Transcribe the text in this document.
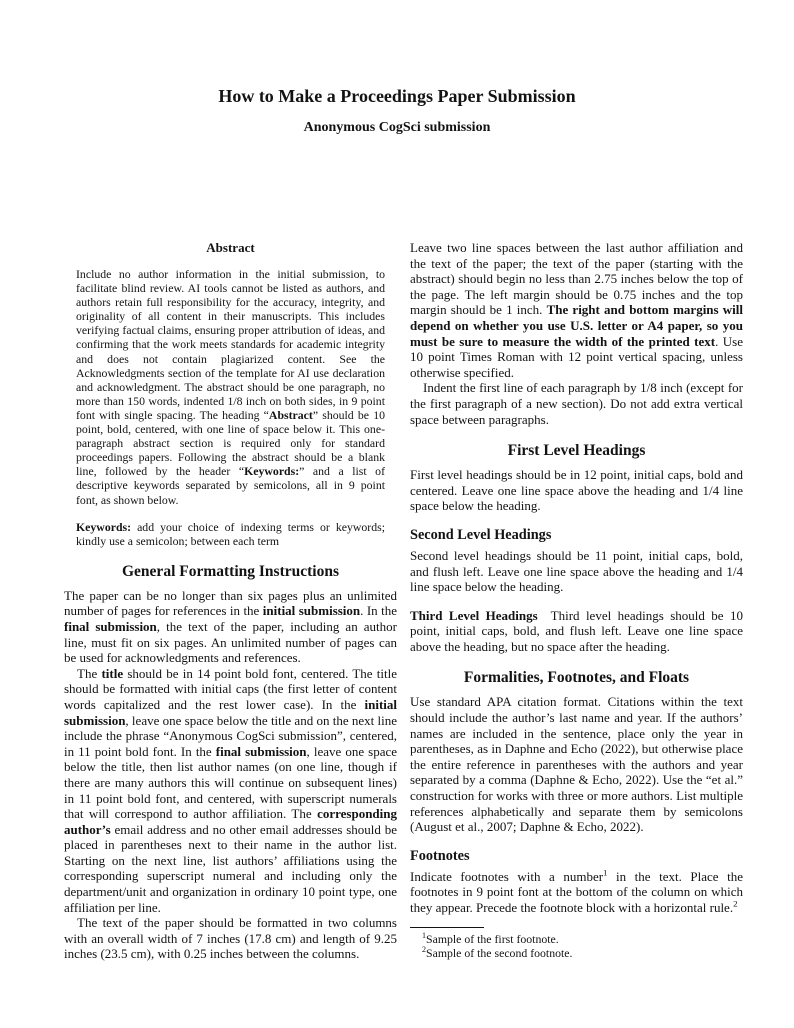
How to Make a Proceedings Paper Submission
Anonymous CogSci submission
Abstract

Include no author information in the initial submission, to facilitate blind review. AI tools cannot be listed as authors, and authors retain full responsibility for the accuracy, integrity, and originality of all content in their manuscripts. This includes verifying factual claims, ensuring proper attribution of ideas, and confirming that the work meets standards for academic integrity and does not contain plagiarized content. See the Acknowledgments section of the template for AI use declaration and acknowledgment. The abstract should be one paragraph, no more than 150 words, indented 1/8 inch on both sides, in 9 point font with single spacing. The heading “Abstract” should be 10 point, bold, centered, with one line of space below it. This one-paragraph abstract section is required only for standard proceedings papers. Following the abstract should be a blank line, followed by the header “Keywords:” and a list of descriptive keywords separated by semicolons, all in 9 point font, as shown below.

Keywords: add your choice of indexing terms or keywords; kindly use a semicolon; between each term

General Formatting Instructions

The paper can be no longer than six pages plus an unlimited number of pages for references in the initial submission. In the final submission, the text of the paper, including an author line, must fit on six pages. An unlimited number of pages can be used for acknowledgments and references.

The title should be in 14 point bold font, centered. The title should be formatted with initial caps (the first letter of content words capitalized and the rest lower case). In the initial submission, leave one space below the title and on the next line include the phrase “Anonymous CogSci submission”, centered, in 11 point bold font. In the final submission, leave one space below the title, then list author names (on one line, though if there are many authors this will continue on subsequent lines) in 11 point bold font, and centered, with superscript numerals that will correspond to author affiliation. The corresponding author’s email address and no other email addresses should be placed in parentheses next to their name in the author list. Starting on the next line, list authors’ affiliations using the corresponding superscript numeral and including only the department/unit and organization in ordinary 10 point type, one affiliation per line.

The text of the paper should be formatted in two columns with an overall width of 7 inches (17.8 cm) and length of 9.25 inches (23.5 cm), with 0.25 inches between the columns.

Leave two line spaces between the last author affiliation and the text of the paper; the text of the paper (starting with the abstract) should begin no less than 2.75 inches below the top of the page. The left margin should be 0.75 inches and the top margin should be 1 inch. The right and bottom margins will depend on whether you use U.S. letter or A4 paper, so you must be sure to measure the width of the printed text. Use 10 point Times Roman with 12 point vertical spacing, unless otherwise specified.

Indent the first line of each paragraph by 1/8 inch (except for the first paragraph of a new section). Do not add extra vertical space between paragraphs.

First Level Headings

First level headings should be in 12 point, initial caps, bold and centered. Leave one line space above the heading and 1/4 line space below the heading.

Second Level Headings

Second level headings should be 11 point, initial caps, bold, and flush left. Leave one line space above the heading and 1/4 line space below the heading.

Third Level Headings  Third level headings should be 10 point, initial caps, bold, and flush left. Leave one line space above the heading, but no space after the heading.

Formalities, Footnotes, and Floats

Use standard APA citation format. Citations within the text should include the author’s last name and year. If the authors’ names are included in the sentence, place only the year in parentheses, as in Daphne and Echo (2022), but otherwise place the entire reference in parentheses with the authors and year separated by a comma (Daphne & Echo, 2022). Use the “et al.” construction for works with three or more authors. List multiple references alphabetically and separate them by semicolons (August et al., 2007; Daphne & Echo, 2022).

Footnotes

Indicate footnotes with a number$^1$ in the text. Place the footnotes in 9 point font at the bottom of the column on which they appear. Precede the footnote block with a horizontal rule.$^2$

$^1$Sample of the first footnote.

$^2$Sample of the second footnote.
